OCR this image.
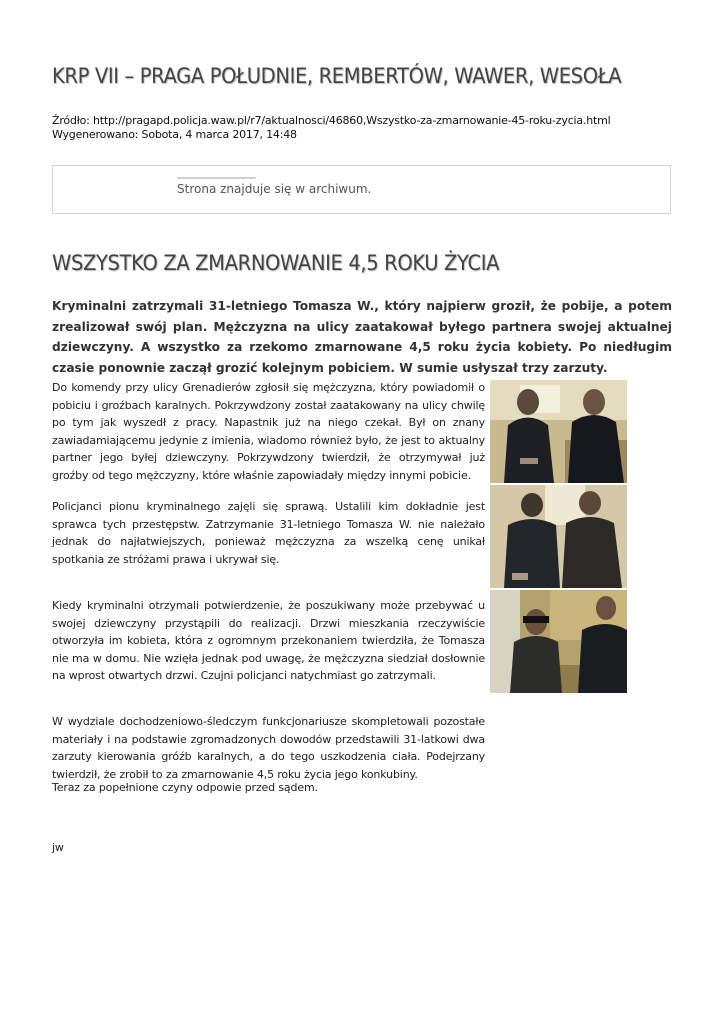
KRP VII – PRAGA POŁUDNIE, REMBERTÓW, WAWER, WESOŁA
Źródło: http://pragapd.policja.waw.pl/r7/aktualnosci/46860,Wszystko-za-zmarnowanie-45-roku-zycia.html
Wygenerowano: Sobota, 4 marca 2017, 14:48
Strona znajduje się w archiwum.
WSZYSTKO ZA ZMARNOWANIE 4,5 ROKU ŻYCIA

Kryminalni zatrzymali 31-letniego Tomasza W., który najpierw groził, że pobije, a potem zrealizował swój plan. Mężczyzna na ulicy zaatakował byłego partnera swojej aktualnej dziewczyny. A wszystko za rzekomo zmarnowane 4,5 roku życia kobiety. Po niedługim czasie ponownie zaczął grozić kolejnym pobiciem. W sumie usłyszał trzy zarzuty.

Do komendy przy ulicy Grenadierów zgłosił się mężczyzna, który powiadomił o pobiciu i groźbach karalnych. Pokrzywdzony został zaatakowany na ulicy chwilę po tym jak wyszedł z pracy. Napastnik już na niego czekał. Był on znany zawiadamiającemu jedynie z imienia, wiadomo również było, że jest to aktualny partner jego byłej dziewczyny. Pokrzywdzony twierdził, że otrzymywał już groźby od tego mężczyzny, które właśnie zapowiadały między innymi pobicie.

Policjanci pionu kryminalnego zajęli się sprawą. Ustalili kim dokładnie jest sprawca tych przestępstw. Zatrzymanie 31-letniego Tomasza W. nie należało jednak do najłatwiejszych, ponieważ mężczyzna za wszelką cenę unikał spotkania ze stróżami prawa i ukrywał się.

Kiedy kryminalni otrzymali potwierdzenie, że poszukiwany może przebywać u swojej dziewczyny przystąpili do realizacji. Drzwi mieszkania rzeczywiście otworzyła im kobieta, która z ogromnym przekonaniem twierdziła, że Tomasza nie ma w domu. Nie wzięła jednak pod uwagę, że mężczyzna siedział dosłownie na wprost otwartych drzwi. Czujni policjanci natychmiast go zatrzymali.

W wydziale dochodzeniowo-śledczym funkcjonariusze skompletowali pozostałe materiały i na podstawie zgromadzonych dowodów przedstawili 31-latkowi dwa zarzuty kierowania gróźb karalnych, a do tego uszkodzenia ciała. Podejrzany twierdził, że zrobił to za zmarnowanie 4,5 roku życia jego konkubiny.

Teraz za popełnione czyny odpowie przed sądem.

jw
